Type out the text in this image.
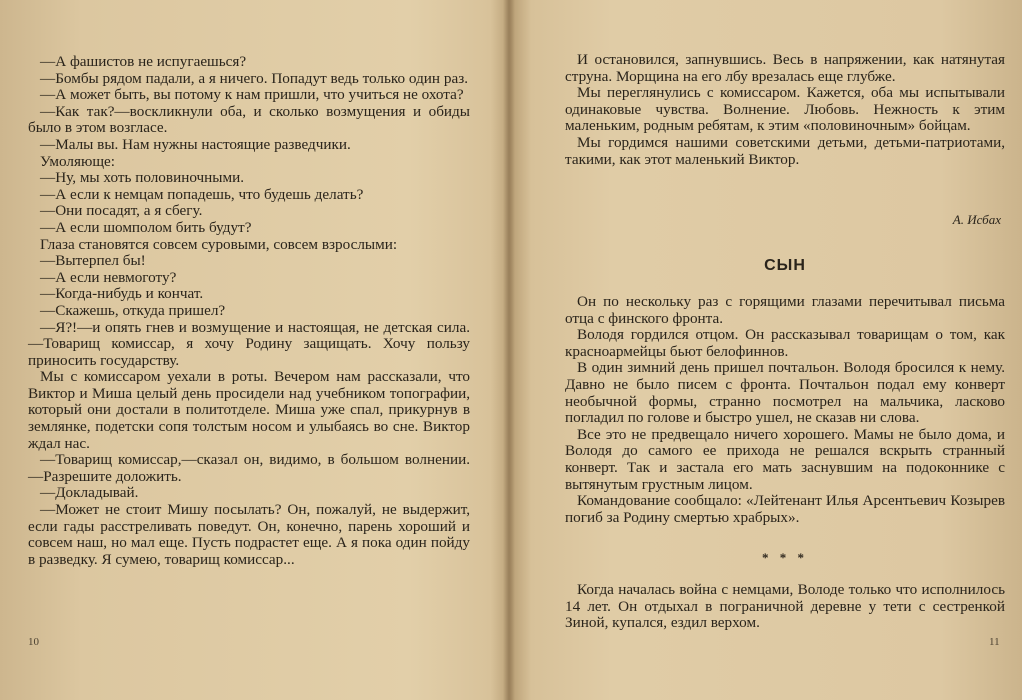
—А фашистов не испугаешься?

—Бомбы рядом падали, а я ничего. Попадут ведь только один раз.

—А может быть, вы потому к нам пришли, что учиться не охота?

—Как так?—воскликнули оба, и сколько возмущения и обиды было в этом возгласе.

—Малы вы. Нам нужны настоящие разведчики.

Умоляюще:

—Ну, мы хоть половиночными.

—А если к немцам попадешь, что будешь делать?

—Они посадят, а я сбегу.

—А если шомполом бить будут?

Глаза становятся совсем суровыми, совсем взрослыми:

—Вытерпел бы!

—А если невмоготу?

—Когда-нибудь и кончат.

—Скажешь, откуда пришел?

—Я?!—и опять гнев и возмущение и настоящая, не детская сила.—Товарищ комиссар, я хочу Родину защищать. Хочу пользу приносить государству.

Мы с комиссаром уехали в роты. Вечером нам рассказали, что Виктор и Миша целый день просидели над учебником топографии, который они достали в политотделе. Миша уже спал, прикурнув в землянке, подетски сопя толстым носом и улыбаясь во сне. Виктор ждал нас.

—Товарищ комиссар,—сказал он, видимо, в большом волнении.—Разрешите доложить.

—Докладывай.

—Может не стоит Мишу посылать? Он, пожалуй, не выдержит, если гады расстреливать поведут. Он, конечно, парень хороший и совсем наш, но мал еще. Пусть подрастет еще. А я пока один пойду в разведку. Я сумею, товарищ комиссар...

10

И остановился, запнувшись. Весь в напряжении, как натянутая струна. Морщина на его лбу врезалась еще глубже.

Мы переглянулись с комиссаром. Кажется, оба мы испытывали одинаковые чувства. Волнение. Любовь. Нежность к этим маленьким, родным ребятам, к этим «половиночным» бойцам.

Мы гордимся нашими советскими детьми, детьми-патриотами, такими, как этот маленький Виктор.

А. Исбах
СЫН

Он по нескольку раз с горящими глазами перечитывал письма отца с финского фронта.

Володя гордился отцом. Он рассказывал товарищам о том, как красноармейцы бьют белофиннов.

В один зимний день пришел почтальон. Володя бросился к нему. Давно не было писем с фронта. Почтальон подал ему конверт необычной формы, странно посмотрел на мальчика, ласково погладил по голове и быстро ушел, не сказав ни слова.

Все это не предвещало ничего хорошего. Мамы не было дома, и Володя до самого ее прихода не решался вскрыть странный конверт. Так и застала его мать заснувшим на подоконнике с вытянутым грустным лицом.

Командование сообщало: «Лейтенант Илья Арсентьевич Козырев погиб за Родину смертью храбрых».

* * *

Когда началась война с немцами, Володе только что исполнилось 14 лет. Он отдыхал в пограничной деревне у тети с сестренкой Зиной, купался, ездил верхом.

11
